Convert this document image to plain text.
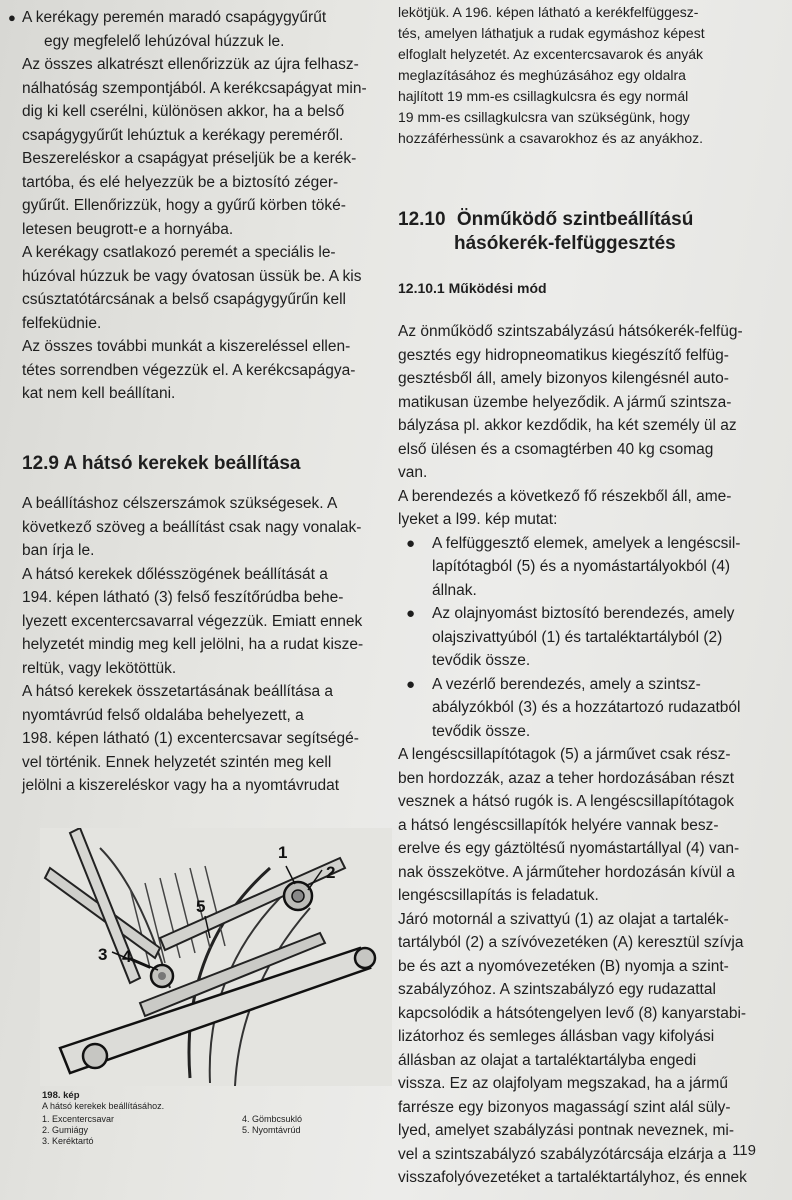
● A kerékagy peremén maradó csapágygyűrűt

egy megfelelő lehúzóval húzzuk le.

Az összes alkatrészt ellenőrizzük az újra felhasz-

nálhatóság szempontjából. A kerékcsapágyat min-

dig ki kell cserélni, különösen akkor, ha a belső

csapágygyűrűt lehúztuk a kerékagy pereméről.

Beszereléskor a csapágyat préseljük be a kerék-

tartóba, és elé helyezzük be a biztosító zéger-

gyűrűt. Ellenőrizzük, hogy a gyűrű körben töké-

letesen beugrott-e a hornyába.

A kerékagy csatlakozó peremét a speciális le-

húzóval húzzuk be vagy óvatosan üssük be. A kis

csúsztatótárcsának a belső csapágygyűrűn kell

felfeküdnie.

Az összes további munkát a kiszereléssel ellen-

tétes sorrendben végezzük el. A kerékcsapágya-

kat nem kell beállítani.

12.9 A hátsó kerekek beállítása

A beállításhoz célszerszámok szükségesek. A

következő szöveg a beállítást csak nagy vonalak-

ban írja le.

A hátsó kerekek dőlésszögének beállítását a

194. képen látható (3) felső feszítőrúdba behe-

lyezett excentercsavarral végezzük. Emiatt ennek

helyzetét mindig meg kell jelölni, ha a rudat kisze-

reltük, vagy lekötöttük.

A hátsó kerekek összetartásának beállítása a

nyomtávrúd felső oldalába behelyezett, a

198. képen látható (1) excentercsavar segítségé-

vel történik. Ennek helyzetét szintén meg kell

jelölni a kiszereléskor vagy ha a nyomtávrudat

1
2
3 4
5
198. kép
A hátsó kerekek beállításához.
1. Excentercsavar
2. Gumiágy
3. Keréktartó
4. Gömbcsukló
5. Nyomtávrúd

lekötjük. A 196. képen látható a kerékfelfüggesz-

tés, amelyen láthatjuk a rudak egymáshoz képest

elfoglalt helyzetét. Az excentercsavarok és anyák

meglazításához és meghúzásához egy oldalra

hajlított 19 mm-es csillagkulcsra és egy normál

19 mm-es csillagkulcsra van szükségünk, hogy

hozzáférhessünk a csavarokhoz és az anyákhoz.

12.10 Önműködő szintbeállítású
hásókerék-felfüggesztés
12.10.1 Működési mód

Az önműködő szintszabályzású hátsókerék-felfüg-

gesztés egy hidropneomatikus kiegészítő felfüg-

gesztésből áll, amely bizonyos kilengésnél auto-

matikusan üzembe helyeződik. A jármű szintsza-

bályzása pl. akkor kezdődik, ha két személy ül az

első ülésen és a csomagtérben 40 kg csomag

van.

A berendezés a következő fő részekből áll, ame-

lyeket a l99. kép mutat:

● A felfüggesztő elemek, amelyek a lengéscsil-
lapítótagból (5) és a nyomástartályokból (4)
állnak.
● Az olajnyomást biztosító berendezés, amely
olajszivattyúból (1) és tartaléktartályból (2)
tevődik össze.
● A vezérlő berendezés, amely a szintsz-
abályzókból (3) és a hozzátartozó rudazatból
tevődik össze.

A lengéscsillapítótagok (5) a járművet csak rész-

ben hordozzák, azaz a teher hordozásában részt

vesznek a hátsó rugók is. A lengéscsillapítótagok

a hátsó lengéscsillapítók helyére vannak besz-

erelve és egy gáztöltésű nyomástartállyal (4) van-

nak összekötve. A járműteher hordozásán kívül a

lengéscsillapítás is feladatuk.

Járó motornál a szivattyú (1) az olajat a tartalék-

tartályból (2) a szívóvezetéken (A) keresztül szívja

be és azt a nyomóvezetéken (B) nyomja a szint-

szabályzóhoz. A szintszabályzó egy rudazattal

kapcsolódik a hátsótengelyen levő (8) kanyarstabi-

lizátorhoz és semleges állásban vagy kifolyási

állásban az olajat a tartaléktartályba engedi

vissza. Ez az olajfolyam megszakad, ha a jármű

farrésze egy bizonyos magasságí szint alál sülу-

lyed, amelyet szabályzási pontnak neveznek, mi-

vel a szintszabályzó szabályzótárcsája elzárja a

visszafolyóvezetéket a tartaléktartályhoz, és ennek

119
